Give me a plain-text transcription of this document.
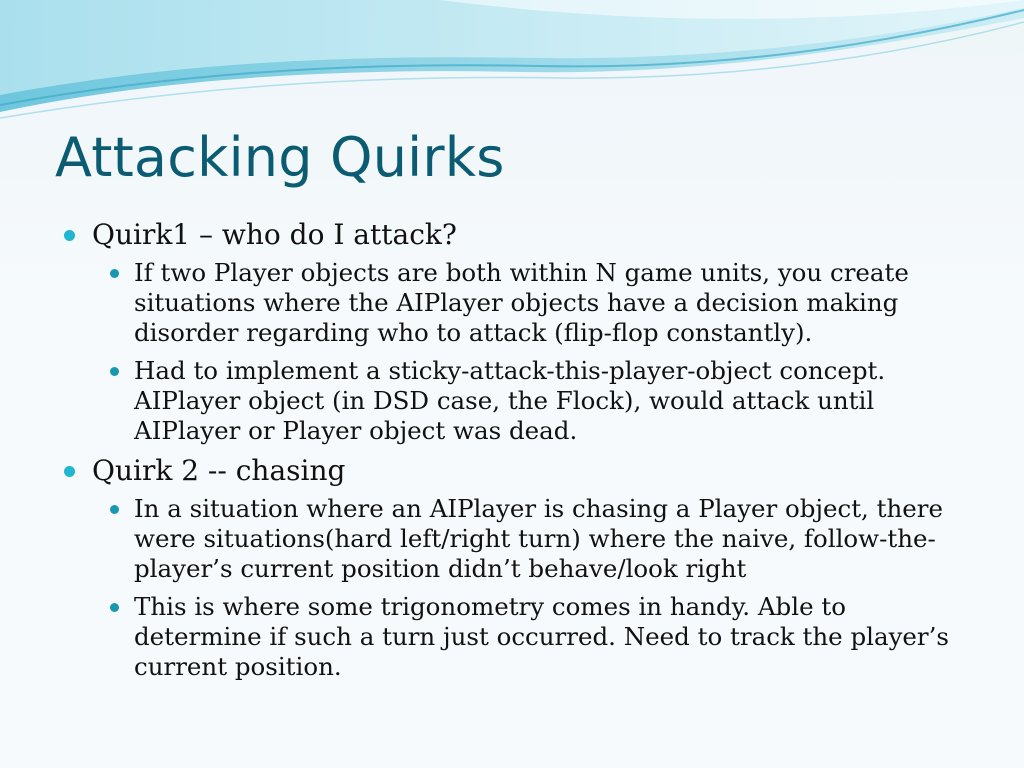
Attacking Quirks
Quirk1 – who do I attack?
If two Player objects are both within N game units, you create situations where the AIPlayer objects have a decision making disorder regarding who to attack (flip-flop constantly).
Had to implement a sticky-attack-this-player-object concept. AIPlayer object (in DSD case, the Flock), would attack until AIPlayer or Player object was dead.
Quirk 2 -- chasing
In a situation where an AIPlayer is chasing a Player object, there were situations(hard left/right turn) where the naive, follow-the-player’s current position didn’t behave/look right
This is where some trigonometry comes in handy. Able to determine if such a turn just occurred. Need to track the player’s current position.
